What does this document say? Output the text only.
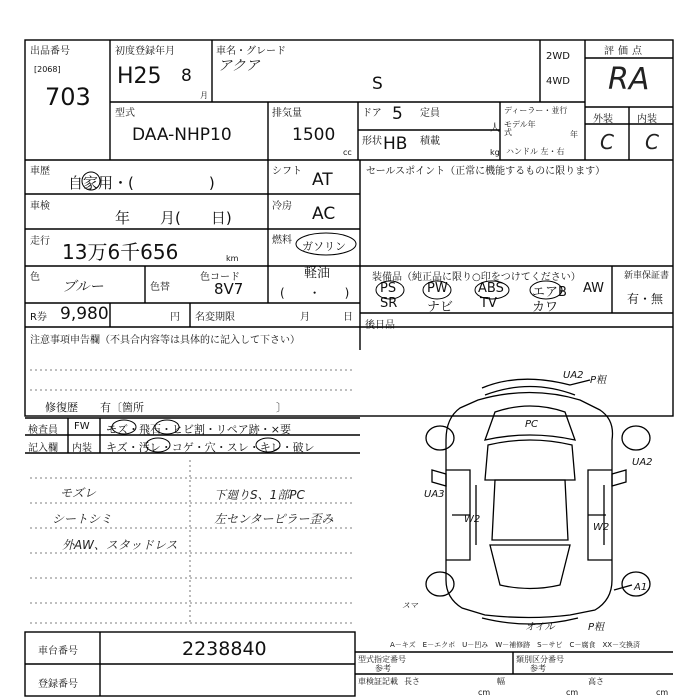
出品番号
[2068]
703
初度登録年月
H25 8
月
車名・グレード
アクア
S
2WD
4WD
評価点
RA
外装 内装
C C
型式
DAA-NHP10
排気量
1500
cc
ドア 5 定員
人
形状 HB 積載
kg
ディーラー・並行
モデル年式	年
ハンドル 左・右
車歴
自家用・(　　　　　)
シフト AT	セールスポイント（正常に機能するものに限ります）
車検
年　　月(　　日)
冷房 AC
走行 13万6千656	km
燃料 ガソリン
軽油
(　　・　　)
色
ブルー	色替
色コード
8V7
R券 9,980	円 名変期限	月	日
装備品（純正品に限り○印をつけてください）	新車保証書
有・無
PS PW ABS エアB AW
SR ナビ TV	カワ
後日品
注意事項申告欄（不具合内容等は具体的に記入して下さい）
修復歴　　有〔箇所　　　　　　　　　　　　〕
検査員
記入欄
FW
内装
モズ・飛石・ヒビ割・リペア跡・×要
キズ・汚レ・コゲ・穴・スレ・キレ・破レ
モズレ
シートシミ
外AW、スタッドレス
下廻りS、1部PC
左センターピラー歪み
UA2 P粗
PC
UA2
UA3
W2
W2
A1
P粗
オイル
スマ
車台番号	2238840
登録番号
A－キズ　E－エクボ　U－凹み　W－補修跡　S－サビ　C－腐食　XX－交換済
型式指定番号
参考
類別区分番号
参考
車検証記載 長さ
cm
幅
cm
高さ
cm
